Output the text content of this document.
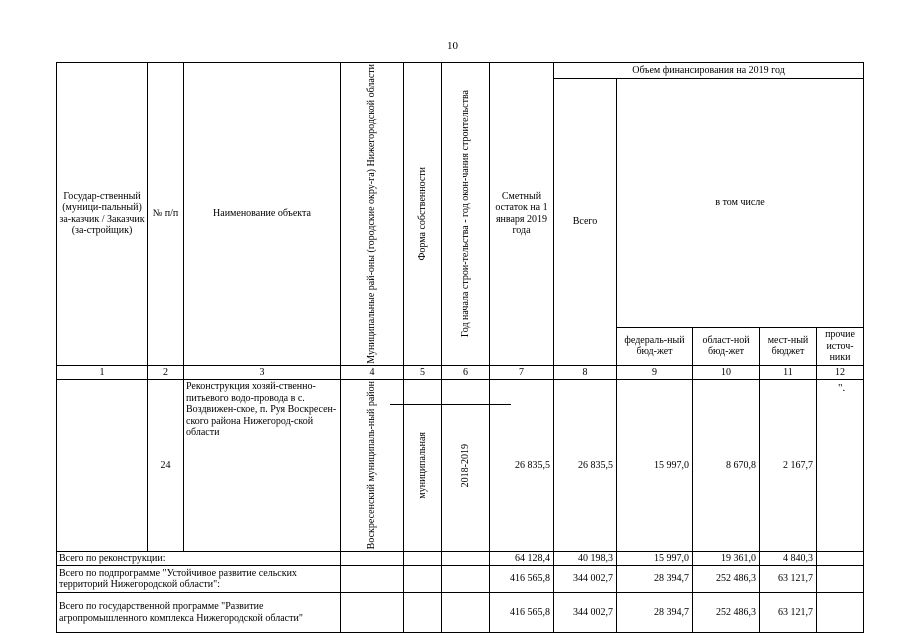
10
Государ-ственный (муници-пальный) за-казчик / Заказчик (за-стройщик)	№ п/п	Наименование объекта	Муниципальные рай-оны (городские окру-га) Нижегородской области	Форма собственности	Год начала строи-тельства - год окон-чания строительства	Сметный остаток на 1 января 2019 года	Объем финансирования на 2019 год				
							Всего	в том числе			
								федераль-ный бюд-жет	област-ной бюд-жет	мест-ный бюджет	прочие источ-ники
1	2	3	4	5	6	7	8	9	10	11	12
	24	Реконструкция хозяй-ственно-питьевого водо-провода в с. Воздвижен-ское, п. Руя Воскресен-ского района Нижегород-ской области	Воскресенский муниципаль-ный район	муниципальная	2018-2019	26 835,5	26 835,5	15 997,0	8 670,8	2 167,7	
Всего по реконструкции:						64 128,4	40 198,3	15 997,0	19 361,0	4 840,3	
Всего по подпрограмме "Устойчивое развитие сельских территорий Нижегородской области":						416 565,8	344 002,7	28 394,7	252 486,3	63 121,7	
Всего по государственной программе "Развитие агропромышленного комплекса Нижегородской области"						416 565,8	344 002,7	28 394,7	252 486,3	63 121,7	
".
